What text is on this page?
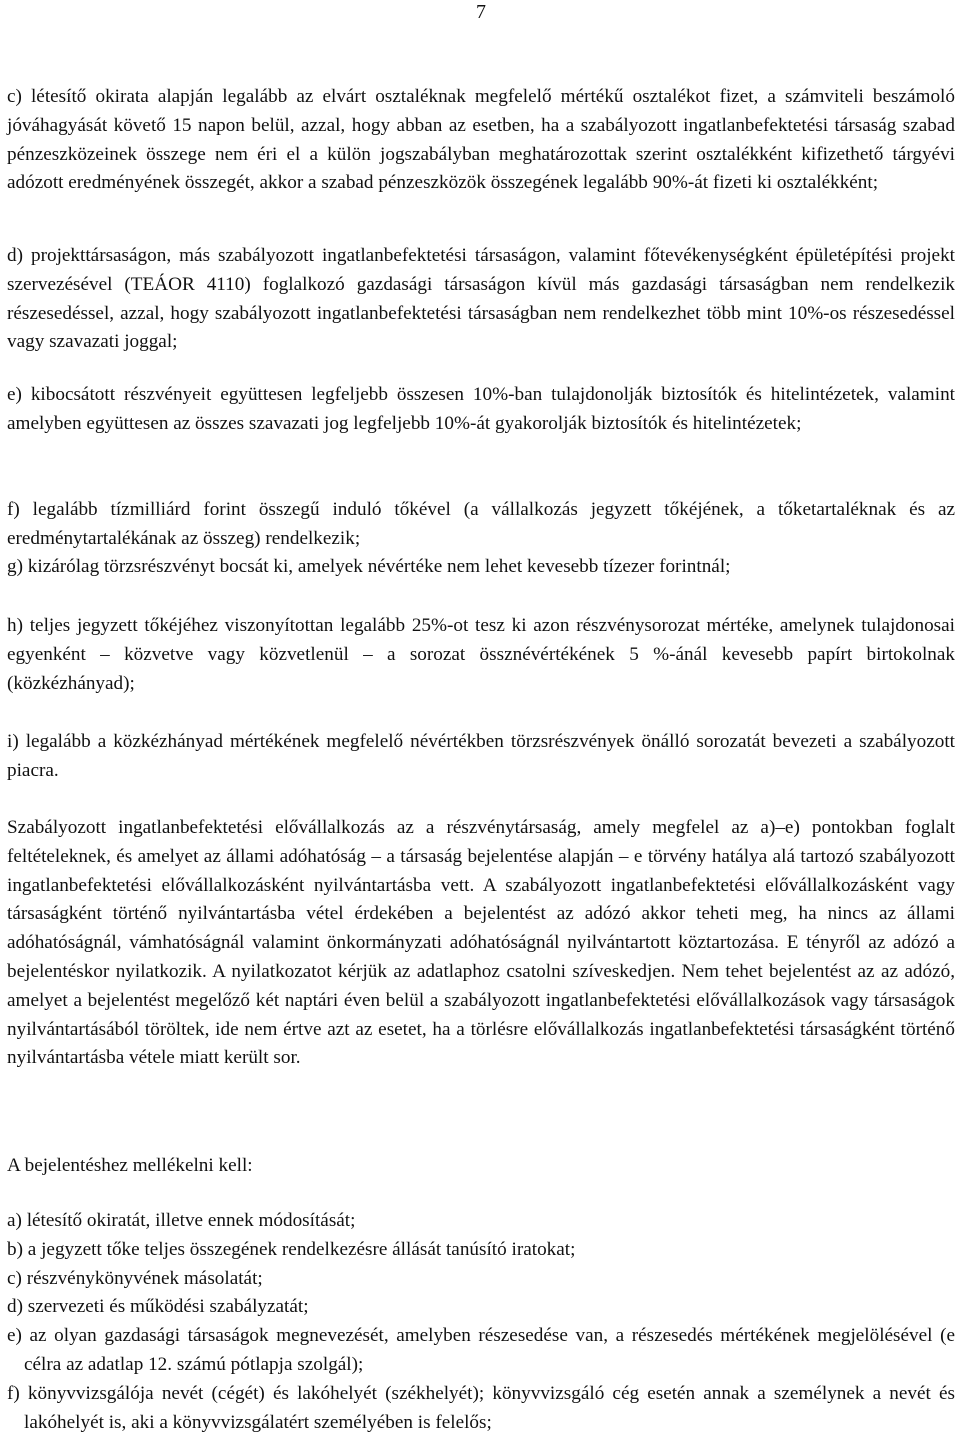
7

c) létesítő okirata alapján legalább az elvárt osztaléknak megfelelő mértékű osztalékot fizet, a számviteli beszámoló jóváhagyását követő 15 napon belül, azzal, hogy abban az esetben, ha a szabályozott ingatlanbefektetési társaság szabad pénzeszközeinek összege nem éri el a külön jogszabályban meghatározottak szerint osztalékként kifizethető tárgyévi adózott eredményének összegét, akkor a szabad pénzeszközök összegének legalább 90%-át fizeti ki osztalékként;

d) projekttársaságon, más szabályozott ingatlanbefektetési társaságon, valamint főtevékenységként épületépítési projekt szervezésével (TEÁOR 4110) foglalkozó gazdasági társaságon kívül más gazdasági társaságban nem rendelkezik részesedéssel, azzal, hogy szabályozott ingatlanbefektetési társaságban nem rendelkezhet több mint 10%-os részesedéssel vagy szavazati joggal;

e) kibocsátott részvényeit együttesen legfeljebb összesen 10%-ban tulajdonolják biztosítók és hitelintézetek, valamint amelyben együttesen az összes szavazati jog legfeljebb 10%-át gyakorolják biztosítók és hitelintézetek;

f) legalább tízmilliárd forint összegű induló tőkével (a vállalkozás jegyzett tőkéjének, a tőketartaléknak és az eredménytartalékának az összeg) rendelkezik;

g) kizárólag törzsrészvényt bocsát ki, amelyek névértéke nem lehet kevesebb tízezer forintnál;

h) teljes jegyzett tőkéjéhez viszonyítottan legalább 25%-ot tesz ki azon részvénysorozat mértéke, amelynek tulajdonosai egyenként – közvetve vagy közvetlenül – a sorozat össznévértékének 5 %-ánál kevesebb papírt birtokolnak (közkézhányad);

i) legalább a közkézhányad mértékének megfelelő névértékben törzsrészvények önálló sorozatát bevezeti a szabályozott piacra.

Szabályozott ingatlanbefektetési elővállalkozás az a részvénytársaság, amely megfelel az a)–e) pontokban foglalt feltételeknek, és amelyet az állami adóhatóság – a társaság bejelentése alapján – e törvény hatálya alá tartozó szabályozott ingatlanbefektetési elővállalkozásként nyilvántartásba vett. A szabályozott ingatlanbefektetési elővállalkozásként vagy társaságként történő nyilvántartásba vétel érdekében a bejelentést az adózó akkor teheti meg, ha nincs az állami adóhatóságnál, vámhatóságnál valamint önkormányzati adóhatóságnál nyilvántartott köztartozása. E tényről az adózó a bejelentéskor nyilatkozik. A nyilatkozatot kérjük az adatlaphoz csatolni szíveskedjen. Nem tehet bejelentést az az adózó, amelyet a bejelentést megelőző két naptári éven belül a szabályozott ingatlanbefektetési elővállalkozások vagy társaságok nyilvántartásából töröltek, ide nem értve azt az esetet, ha a törlésre elővállalkozás ingatlanbefektetési társaságként történő nyilvántartásba vétele miatt került sor.

A bejelentéshez mellékelni kell:

a) létesítő okiratát, illetve ennek módosítását;
b) a jegyzett tőke teljes összegének rendelkezésre állását tanúsító iratokat;
c) részvénykönyvének másolatát;
d) szervezeti és működési szabályzatát;
e) az olyan gazdasági társaságok megnevezését, amelyben részesedése van, a részesedés mértékének megjelölésével (e célra az adatlap 12. számú pótlapja szolgál);
f) könyvvizsgálója nevét (cégét) és lakóhelyét (székhelyét); könyvvizsgáló cég esetén annak a személynek a nevét és lakóhelyét is, aki a könyvvizsgálatért személyében is felelős;
